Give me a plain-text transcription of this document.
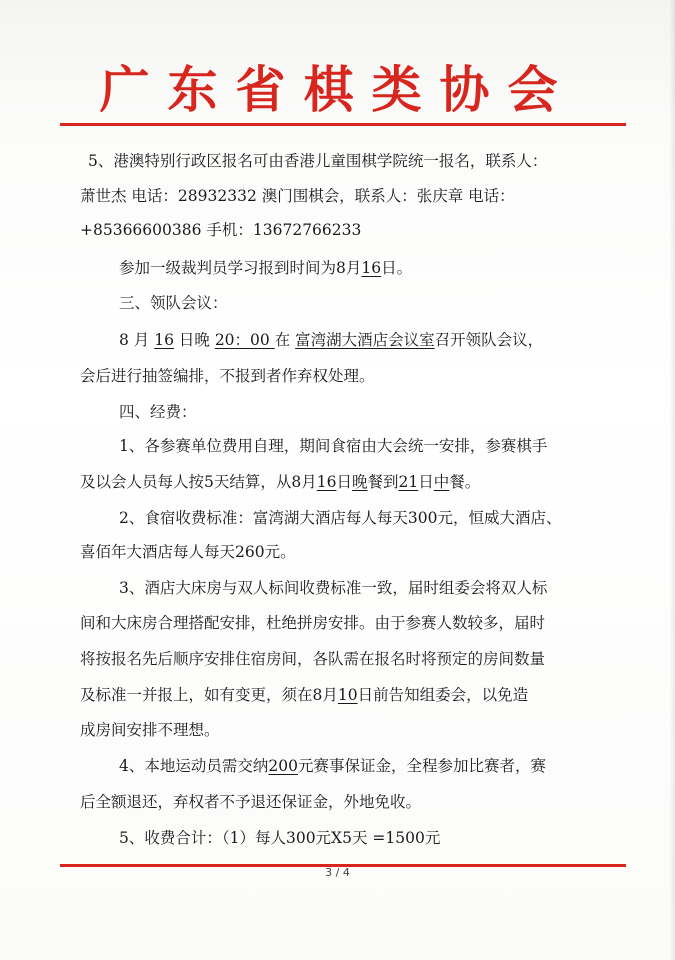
广东省棋类协会
5、港澳特别行政区报名可由香港儿童围棋学院统一报名，联系人：
萧世杰 电话：28932332 澳门围棋会，联系人：张庆章 电话：
+85366600386 手机：13672766233
参加一级裁判员学习报到时间为8月16日。
三、领队会议：
8 月 16 日晚 20：00 在 富湾湖大酒店会议室召开领队会议，
会后进行抽签编排，不报到者作弃权处理。
四、经费：
1、各参赛单位费用自理，期间食宿由大会统一安排，参赛棋手
及以会人员每人按5天结算，从8月16日晚餐到21日中餐。
2、食宿收费标准：富湾湖大酒店每人每天300元，恒威大酒店、
喜佰年大酒店每人每天260元。
3、酒店大床房与双人标间收费标准一致，届时组委会将双人标
间和大床房合理搭配安排，杜绝拼房安排。由于参赛人数较多，届时
将按报名先后顺序安排住宿房间，各队需在报名时将预定的房间数量
及标准一并报上，如有变更，须在8月10日前告知组委会，以免造
成房间安排不理想。
4、本地运动员需交纳200元赛事保证金，全程参加比赛者，赛
后全额退还，弃权者不予退还保证金，外地免收。
5、收费合计：（1）每人300元X5天 =1500元
3 / 4
